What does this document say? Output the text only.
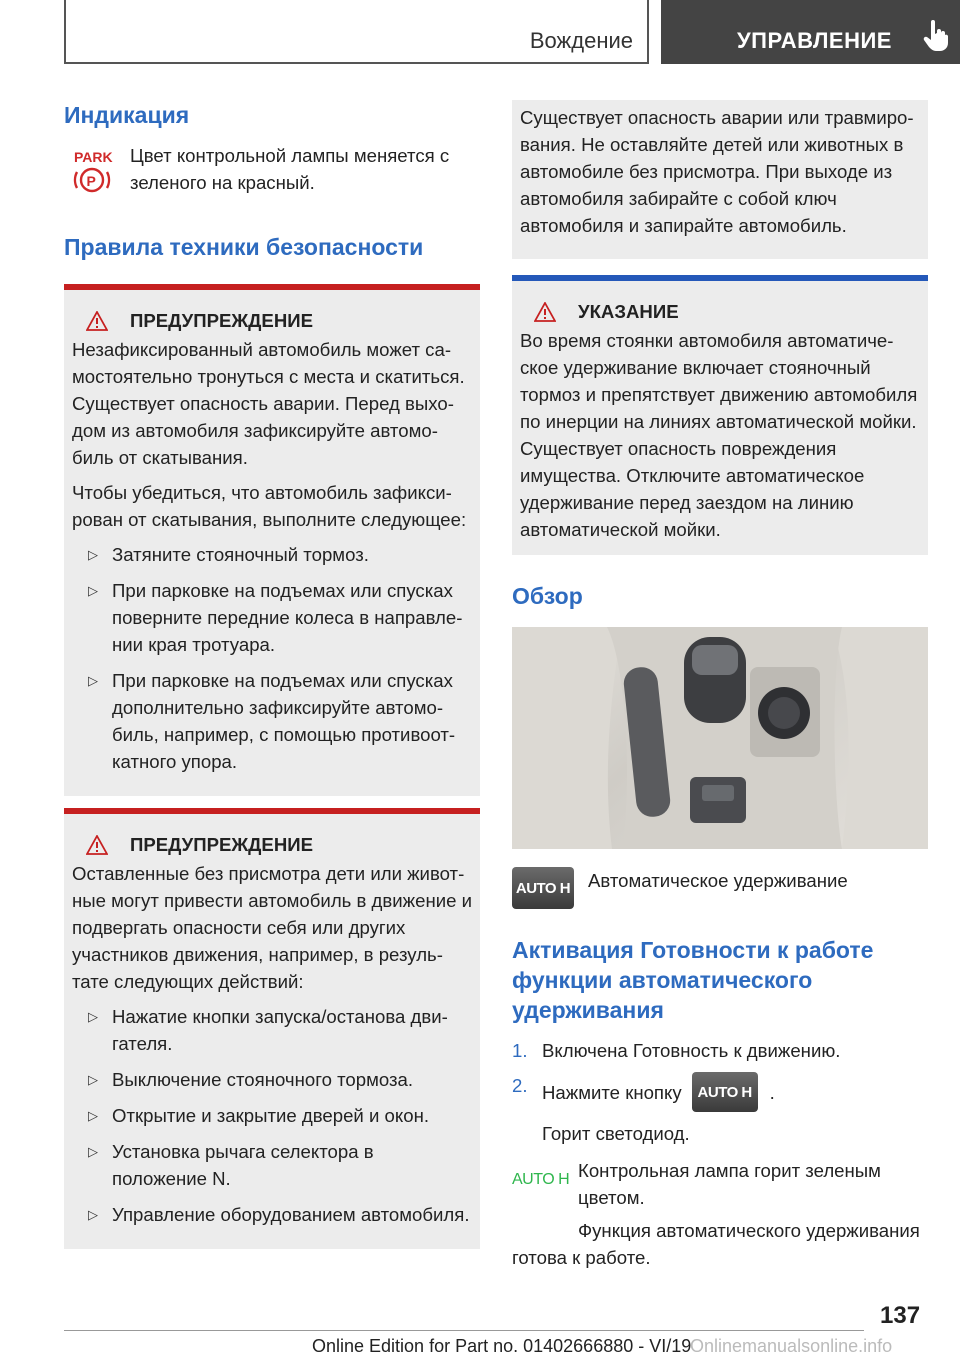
Вождение	УПРАВЛЕНИЕ
Индикация
PARK
P

Цвет контрольной лампы меняется с зеленого на красный.

Правила техники безопасности
ПРЕДУПРЕЖДЕНИЕ

Незафиксированный автомобиль может самостоятельно тронуться с места и скатиться. Существует опасность аварии. Перед выходом из автомобиля зафиксируйте автомобиль от скатывания.

Чтобы убедиться, что автомобиль зафиксирован от скатывания, выполните следующее:

▷ Затяните стояночный тормоз.
▷ При парковке на подъемах или спусках поверните передние колеса в направлении края тротуара.
▷ При парковке на подъемах или спусках дополнительно зафиксируйте автомобиль, например, с помощью противооткатного упора.
ПРЕДУПРЕЖДЕНИЕ

Оставленные без присмотра дети или животные могут привести автомобиль в движение и подвергать опасности себя или других участников движения, например, в результате следующих действий:

▷ Нажатие кнопки запуска/останова двигателя.
▷ Выключение стояночного тормоза.
▷ Открытие и закрытие дверей и окон.
▷ Установка рычага селектора в положение N.
▷ Управление оборудованием автомобиля.

Существует опасность аварии или травмирования. Не оставляйте детей или животных в автомобиле без присмотра. При выходе из автомобиля забирайте с собой ключ автомобиля и запирайте автомобиль.

УКАЗАНИЕ

Во время стоянки автомобиля автоматическое удерживание включает стояночный тормоз и препятствует движению автомобиля по инерции на линиях автоматической мойки. Существует опасность повреждения имущества. Отключите автоматическое удерживание перед заездом на линию автоматической мойки.

Обзор
AUTO H Автоматическое удерживание

Активация Готовности к работе функции автоматического удерживания
1. Включена Готовность к движению.
2. Нажмите кнопку	AUTO H .

Горит светодиод.

AUTO H Контрольная лампа горит зеленым цветом.

Функция автоматического удерживания готова к работе.

137
Online Edition for Part no. 01402666880 - VI/19
Onlinemanualsonline.info
